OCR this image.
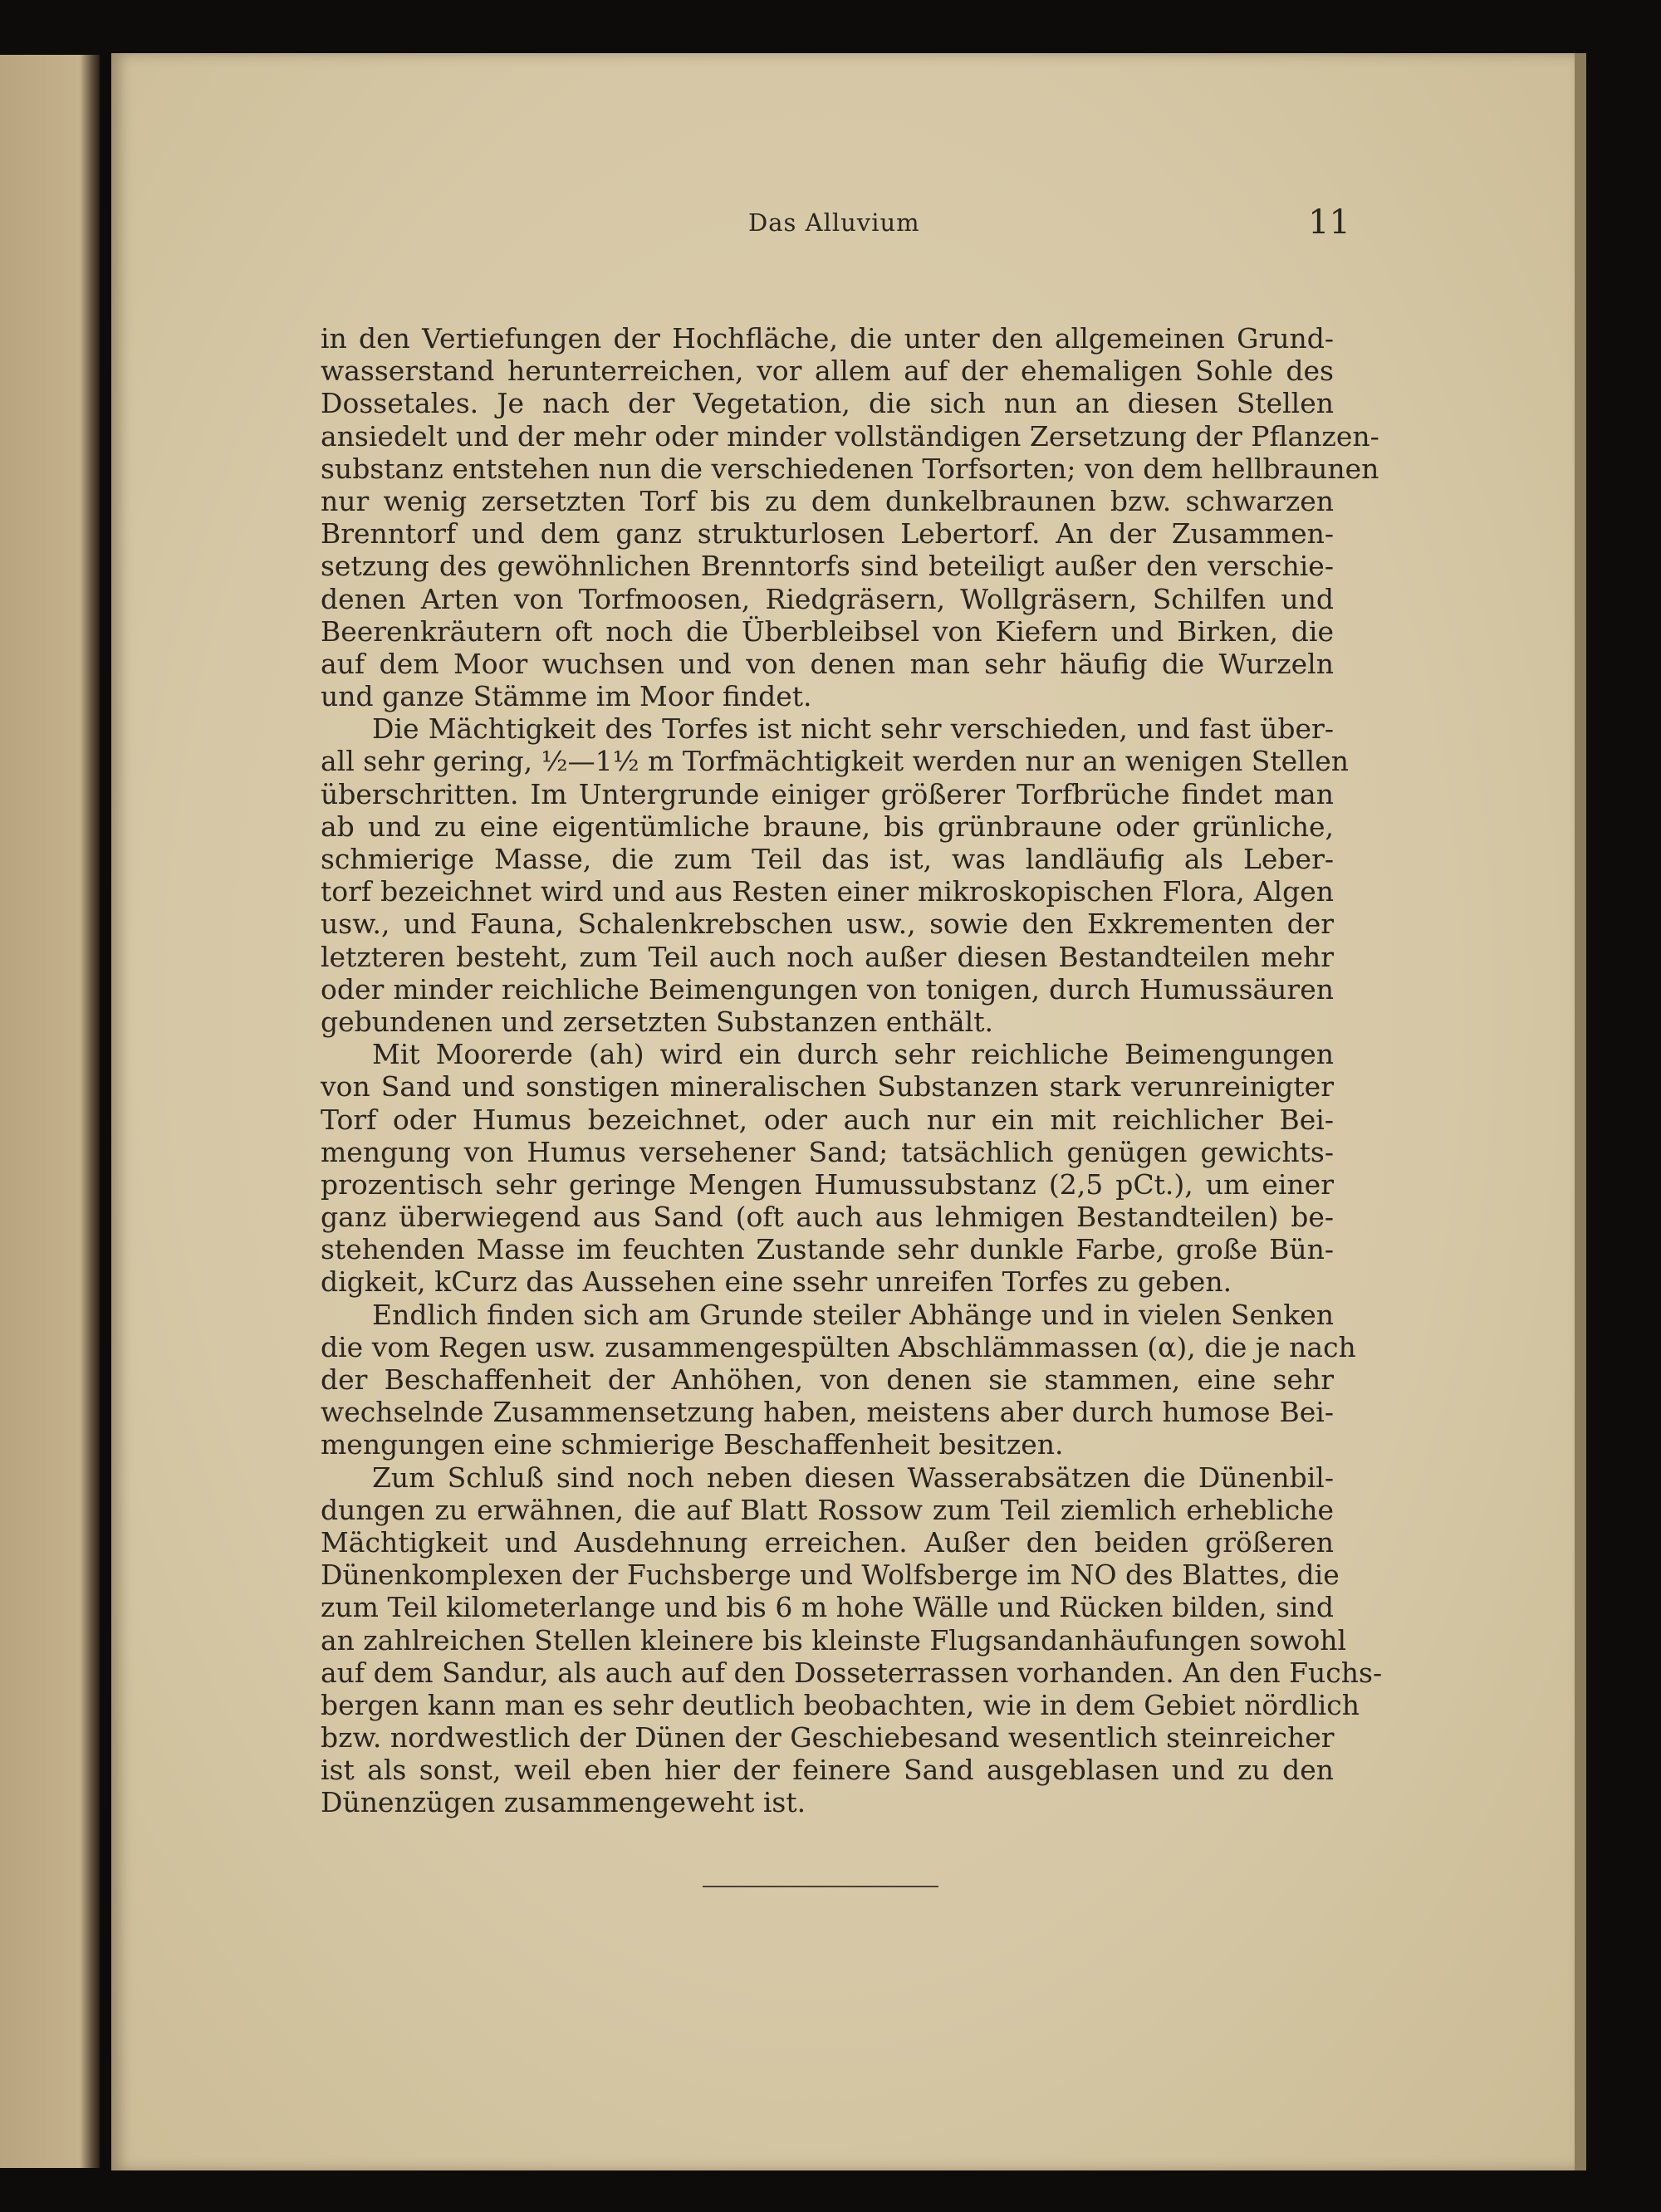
Das Alluvium	11
in den Vertiefungen der Hochfläche, die unter den allgemeinen Grund-
wasserstand herunterreichen, vor allem auf der ehemaligen Sohle des
Dossetales. Je nach der Vegetation, die sich nun an diesen Stellen
ansiedelt und der mehr oder minder vollständigen Zersetzung der Pflanzen-
substanz entstehen nun die verschiedenen Torfsorten; von dem hellbraunen
nur wenig zersetzten Torf bis zu dem dunkelbraunen bzw. schwarzen
Brenntorf und dem ganz strukturlosen Lebertorf. An der Zusammen-
setzung des gewöhnlichen Brenntorfs sind beteiligt außer den verschie-
denen Arten von Torfmoosen, Riedgräsern, Wollgräsern, Schilfen und
Beerenkräutern oft noch die Überbleibsel von Kiefern und Birken, die
auf dem Moor wuchsen und von denen man sehr häufig die Wurzeln
und ganze Stämme im Moor findet.
Die Mächtigkeit des Torfes ist nicht sehr verschieden, und fast über-
all sehr gering, ½—1½ m Torfmächtigkeit werden nur an wenigen Stellen
überschritten. Im Untergrunde einiger größerer Torfbrüche findet man
ab und zu eine eigentümliche braune, bis grünbraune oder grünliche,
schmierige Masse, die zum Teil das ist, was landläufig als Leber-
torf bezeichnet wird und aus Resten einer mikroskopischen Flora, Algen
usw., und Fauna, Schalenkrebschen usw., sowie den Exkrementen der
letzteren besteht, zum Teil auch noch außer diesen Bestandteilen mehr
oder minder reichliche Beimengungen von tonigen, durch Humussäuren
gebundenen und zersetzten Substanzen enthält.
Mit Moorerde (ah) wird ein durch sehr reichliche Beimengungen
von Sand und sonstigen mineralischen Substanzen stark verunreinigter
Torf oder Humus bezeichnet, oder auch nur ein mit reichlicher Bei-
mengung von Humus versehener Sand; tatsächlich genügen gewichts-
prozentisch sehr geringe Mengen Humussubstanz (2,5 pCt.), um einer
ganz überwiegend aus Sand (oft auch aus lehmigen Bestandteilen) be-
stehenden Masse im feuchten Zustande sehr dunkle Farbe, große Bün-
digkeit, kCurz das Aussehen eine ssehr unreifen Torfes zu geben.
Endlich finden sich am Grunde steiler Abhänge und in vielen Senken
die vom Regen usw. zusammengespülten Abschlämmassen (α), die je nach
der Beschaffenheit der Anhöhen, von denen sie stammen, eine sehr
wechselnde Zusammensetzung haben, meistens aber durch humose Bei-
mengungen eine schmierige Beschaffenheit besitzen.
Zum Schluß sind noch neben diesen Wasserabsätzen die Dünenbil-
dungen zu erwähnen, die auf Blatt Rossow zum Teil ziemlich erhebliche
Mächtigkeit und Ausdehnung erreichen. Außer den beiden größeren
Dünenkomplexen der Fuchsberge und Wolfsberge im NO des Blattes, die
zum Teil kilometerlange und bis 6 m hohe Wälle und Rücken bilden, sind
an zahlreichen Stellen kleinere bis kleinste Flugsandanhäufungen sowohl
auf dem Sandur, als auch auf den Dosseterrassen vorhanden. An den Fuchs-
bergen kann man es sehr deutlich beobachten, wie in dem Gebiet nördlich
bzw. nordwestlich der Dünen der Geschiebesand wesentlich steinreicher
ist als sonst, weil eben hier der feinere Sand ausgeblasen und zu den
Dünenzügen zusammengeweht ist.
